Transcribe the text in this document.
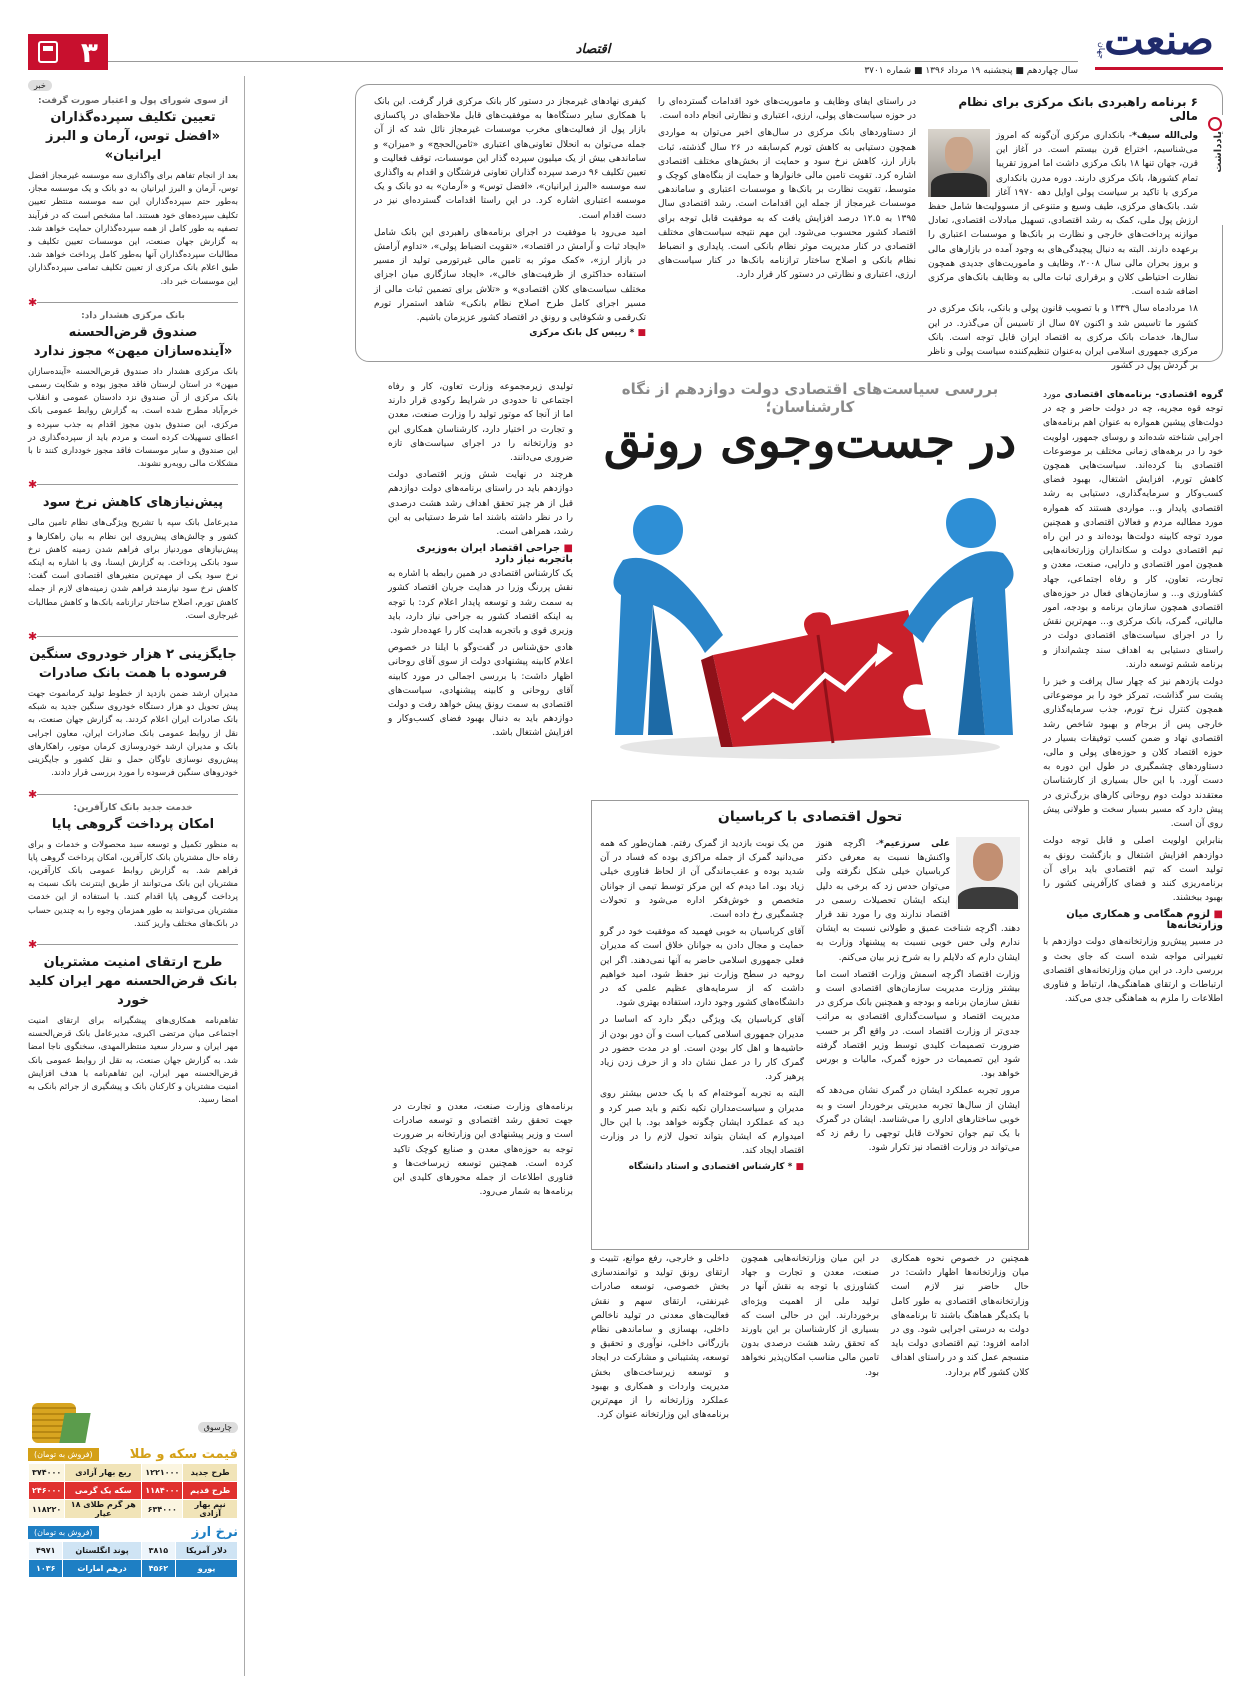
صنعت
جهان
اقتصاد
سال چهاردهم ■ پنجشنبه ۱۹ مرداد ۱۳۹۶ ■ شماره ۳۷۰۱
۳
یادداشت
۶ برنامه راهبردی بانک مرکزی برای نظام مالی
ولی‌الله سیف*- بانکداری مرکزی آن‌گونه که امروز می‌شناسیم، اختراع قرن بیستم است. در آغاز این قرن، جهان تنها ۱۸ بانک مرکزی داشت اما امروز تقریبا تمام کشورها، بانک مرکزی دارند. دوره مدرن بانکداری مرکزی با تاکید بر سیاست پولی اوایل دهه ۱۹۷۰ آغاز شد. بانک‌های مرکزی، طیف وسیع و متنوعی از مسوولیت‌ها شامل حفظ ارزش پول ملی، کمک به رشد اقتصادی، تسهیل مبادلات اقتصادی، تعادل موازنه پرداخت‌های خارجی و نظارت بر بانک‌ها و موسسات اعتباری را برعهده دارند. البته به دنبال پیچیدگی‌های به وجود آمده در بازارهای مالی و بروز بحران مالی سال ۲۰۰۸، وظایف و ماموریت‌های جدیدی همچون نظارت احتیاطی کلان و برقراری ثبات مالی به وظایف بانک‌های مرکزی اضافه شده است.
۱۸ مردادماه سال ۱۳۳۹ و با تصویب قانون پولی و بانکی، بانک مرکزی در کشور ما تاسیس شد و اکنون ۵۷ سال از تاسیس آن می‌گذرد. در این سال‌ها، خدمات بانک مرکزی به اقتصاد ایران قابل توجه است. بانک مرکزی جمهوری اسلامی ایران به‌عنوان تنظیم‌کننده سیاست پولی و ناظر بر گردش پول در کشور
در راستای ایفای وظایف و ماموریت‌های خود اقدامات گسترده‌ای را در حوزه سیاست‌های پولی، ارزی، اعتباری و نظارتی انجام داده است.
از دستاوردهای بانک مرکزی در سال‌های اخیر می‌توان به مواردی همچون دستیابی به کاهش تورم کم‌سابقه در ۲۶ سال گذشته، ثبات بازار ارز، کاهش نرخ سود و حمایت از بخش‌های مختلف اقتصادی اشاره کرد. تقویت تامین مالی خانوارها و حمایت از بنگاه‌های کوچک و متوسط، تقویت نظارت بر بانک‌ها و موسسات اعتباری و ساماندهی موسسات غیرمجاز از جمله این اقدامات است. رشد اقتصادی سال ۱۳۹۵ به ۱۲.۵ درصد افزایش یافت که به موفقیت قابل توجه برای اقتصاد کشور محسوب می‌شود. این مهم نتیجه سیاست‌های مختلف اقتصادی در کنار مدیریت موثر نظام بانکی است. پایداری و انضباط نظام بانکی و اصلاح ساختار ترازنامه بانک‌ها در کنار سیاست‌های ارزی، اعتباری و نظارتی در دستور کار قرار دارد.
کیفری نهادهای غیرمجاز در دستور کار بانک مرکزی قرار گرفت. این بانک با همکاری سایر دستگاه‌ها به موفقیت‌های قابل ملاحظه‌ای در پاکسازی بازار پول از فعالیت‌های مخرب موسسات غیرمجاز نائل شد که از آن جمله می‌توان به انحلال تعاونی‌های اعتباری «ثامن‌الحجج» و «میزان» و ساماندهی بیش از یک میلیون سپرده گذار این موسسات، توقف فعالیت و تعیین تکلیف ۹۶ درصد سپرده گذاران تعاونی فرشتگان و اقدام به واگذاری سه موسسه «البرز ایرانیان»، «افضل توس» و «آرمان» به دو بانک و یک موسسه اعتباری اشاره کرد. در این راستا اقدامات گسترده‌ای نیز در دست اقدام است.
امید می‌رود با موفقیت در اجرای برنامه‌های راهبردی این بانک شامل «ایجاد ثبات و آرامش در اقتصاد»، «تقویت انضباط پولی»، «تداوم آرامش در بازار ارز»، «کمک موثر به تامین مالی غیرتورمی تولید از مسیر استفاده حداکثری از ظرفیت‌های خالی»، «ایجاد سازگاری میان اجزای مختلف سیاست‌های کلان اقتصادی» و «تلاش برای تضمین ثبات مالی از مسیر اجرای کامل طرح اصلاح نظام بانکی» شاهد استمرار تورم تک‌رقمی و شکوفایی و رونق در اقتصاد کشور عزیزمان باشیم.
■ * رییس کل بانک مرکزی
گروه اقتصادی- برنامه‌های اقتصادی مورد توجه قوه مجریه، چه در دولت حاضر و چه در دولت‌های پیشین همواره به عنوان اهم برنامه‌های اجرایی شناخته شده‌اند و روسای جمهور، اولویت خود را در برهه‌های زمانی مختلف بر موضوعات اقتصادی بنا کرده‌اند. سیاست‌هایی همچون کاهش تورم، افزایش اشتغال، بهبود فضای کسب‌وکار و سرمایه‌گذاری، دستیابی به رشد اقتصادی پایدار و... مواردی هستند که همواره مورد مطالبه مردم و فعالان اقتصادی و همچنین مورد توجه کابینه دولت‌ها بوده‌اند و در این راه تیم اقتصادی دولت و سکانداران وزارتخانه‌هایی همچون امور اقتصادی و دارایی، صنعت، معدن و تجارت، تعاون، کار و رفاه اجتماعی، جهاد کشاورزی و... و سازمان‌های فعال در حوزه‌های اقتصادی همچون سازمان برنامه و بودجه، امور مالیاتی، گمرک، بانک مرکزی و... مهم‌ترین نقش را در اجرای سیاست‌های اقتصادی دولت در راستای دستیابی به اهداف سند چشم‌انداز و برنامه ششم توسعه دارند.
دولت یازدهم نیز که چهار سال پرافت و خیز را پشت سر گذاشت، تمرکز خود را بر موضوعاتی همچون کنترل نرخ تورم، جذب سرمایه‌گذاری خارجی پس از برجام و بهبود شاخص رشد اقتصادی نهاد و ضمن کسب توفیقات بسیار در حوزه اقتصاد کلان و حوزه‌های پولی و مالی، دستاوردهای چشمگیری در طول این دوره به دست آورد. با این حال بسیاری از کارشناسان معتقدند دولت دوم روحانی کارهای بزرگ‌تری در پیش دارد که مسیر بسیار سخت و طولانی پیش روی آن است.
بنابراین اولویت اصلی و قابل توجه دولت دوازدهم افزایش اشتغال و بازگشت رونق به تولید است که تیم اقتصادی باید برای آن برنامه‌ریزی کنند و فضای کارآفرینی کشور را بهبود ببخشند.
■ لزوم همگامی و همکاری میان وزارتخانه‌ها
در مسیر پیش‌رو وزارتخانه‌های دولت دوازدهم با تغییراتی مواجه شده است که جای بحث و بررسی دارد. در این میان وزارتخانه‌های اقتصادی ارتباطات و ارتقای هماهنگی‌ها، ارتباط و فناوری اطلاعات را ملزم به هماهنگی جدی می‌کند.
بررسی سیاست‌های اقتصادی دولت دوازدهم از نگاه کارشناسان؛
در جست‌وجوی رونق
تولیدی زیرمجموعه وزارت تعاون، کار و رفاه اجتماعی تا حدودی در شرایط رکودی قرار دارند اما از آنجا که موتور تولید را وزارت صنعت، معدن و تجارت در اختیار دارد، کارشناسان همکاری این دو وزارتخانه را در اجرای سیاست‌های تازه ضروری می‌دانند.
هرچند در نهایت شش وزیر اقتصادی دولت دوازدهم باید در راستای برنامه‌های دولت دوازدهم قبل از هر چیز تحقق اهداف رشد هشت درصدی را در نظر داشته باشند اما شرط دستیابی به این رشد، همراهی است.
■ جراحی اقتصاد ایران به‌وزیری باتجربه نیاز دارد
یک کارشناس اقتصادی در همین رابطه با اشاره به نقش پررنگ وزرا در هدایت جریان اقتصاد کشور به سمت رشد و توسعه پایدار اعلام کرد: با توجه به اینکه اقتصاد کشور به جراحی نیاز دارد، باید وزیری قوی و باتجربه هدایت کار را عهده‌دار شود.
هادی حق‌شناس در گفت‌وگو با ایلنا در خصوص اعلام کابینه پیشنهادی دولت از سوی آقای روحانی اظهار داشت: با بررسی اجمالی در مورد کابینه آقای روحانی و کابینه پیشنهادی، سیاست‌های اقتصادی به سمت رونق پیش خواهد رفت و دولت دوازدهم باید به دنبال بهبود فضای کسب‌وکار و افزایش اشتغال باشد.
تحول اقتصادی با کرباسیان
علی سرزعیم*- اگرچه هنوز واکنش‌ها نسبت به معرفی دکتر کرباسیان خیلی شکل نگرفته ولی می‌توان حدس زد که برخی به دلیل اینکه ایشان تحصیلات رسمی در اقتصاد ندارند وی را مورد نقد قرار دهند. اگرچه شناخت عمیق و طولانی نسبت به ایشان ندارم ولی حس خوبی نسبت به پیشنهاد وزارت به ایشان دارم که دلایلم را به شرح زیر بیان می‌کنم.
وزارت اقتصاد اگرچه اسمش وزارت اقتصاد است اما بیشتر وزارت مدیریت سازمان‌های اقتصادی است و نقش سازمان برنامه و بودجه و همچنین بانک مرکزی در مدیریت اقتصاد و سیاست‌گذاری اقتصادی به مراتب جدی‌تر از وزارت اقتصاد است. در واقع اگر بر حسب ضرورت تصمیمات کلیدی توسط وزیر اقتصاد گرفته شود این تصمیمات در حوزه گمرک، مالیات و بورس خواهد بود.
مرور تجربه عملکرد ایشان در گمرک نشان می‌دهد که ایشان از سال‌ها تجربه مدیریتی برخوردار است و به خوبی ساختارهای اداری را می‌شناسد. ایشان در گمرک با یک تیم جوان تحولات قابل توجهی را رقم زد که می‌تواند در وزارت اقتصاد نیز تکرار شود.
من یک نوبت بازدید از گمرک رفتم. همان‌طور که همه می‌دانید گمرک از جمله مراکزی بوده که فساد در آن شدید بوده و عقب‌ماندگی آن از لحاظ فناوری خیلی زیاد بود. اما دیدم که این مرکز توسط تیمی از جوانان متخصص و خوش‌فکر اداره می‌شود و تحولات چشمگیری رخ داده است.
آقای کرباسیان به خوبی فهمید که موفقیت خود در گرو حمایت و مجال دادن به جوانان خلاق است که مدیران فعلی جمهوری اسلامی حاضر به آنها نمی‌دهند. اگر این روحیه در سطح وزارت نیز حفظ شود، امید خواهیم داشت که از سرمایه‌های عظیم علمی که در دانشگاه‌های کشور وجود دارد، استفاده بهتری شود.
آقای کرباسیان یک ویژگی دیگر دارد که اساسا در مدیران جمهوری اسلامی کمیاب است و آن دور بودن از حاشیه‌ها و اهل کار بودن است. او در مدت حضور در گمرک کار را در عمل نشان داد و از حرف زدن زیاد پرهیز کرد.
البته به تجربه آموخته‌ام که با یک حدس بیشتر روی مدیران و سیاست‌مداران تکیه نکنم و باید صبر کرد و دید که عملکرد ایشان چگونه خواهد بود. با این حال امیدوارم که ایشان بتواند تحول لازم را در وزارت اقتصاد ایجاد کند.
■ * کارشناس اقتصادی و استاد دانشگاه
همچنین در خصوص نحوه همکاری میان وزارتخانه‌ها اظهار داشت: در حال حاضر نیز لازم است وزارتخانه‌های اقتصادی به طور کامل با یکدیگر هماهنگ باشند تا برنامه‌های دولت به درستی اجرایی شود. وی در ادامه افزود: تیم اقتصادی دولت باید منسجم عمل کند و در راستای اهداف کلان کشور گام بردارد.
در این میان وزارتخانه‌هایی همچون صنعت، معدن و تجارت و جهاد کشاورزی با توجه به نقش آنها در تولید ملی از اهمیت ویژه‌ای برخوردارند. این در حالی است که بسیاری از کارشناسان بر این باورند که تحقق رشد هشت درصدی بدون تامین مالی مناسب امکان‌پذیر نخواهد بود.
داخلی و خارجی، رفع موانع، تثبیت و ارتقای رونق تولید و توانمندسازی بخش خصوصی، توسعه صادرات غیرنفتی، ارتقای سهم و نقش فعالیت‌های معدنی در تولید ناخالص داخلی، بهسازی و ساماندهی نظام بازرگانی داخلی، نوآوری و تحقیق و توسعه، پشتیبانی و مشارکت در ایجاد و توسعه زیرساخت‌های بخش مدیریت واردات و همکاری و بهبود عملکرد وزارتخانه را از مهم‌ترین برنامه‌های این وزارتخانه عنوان کرد.
برنامه‌های وزارت صنعت، معدن و تجارت در جهت تحقق رشد اقتصادی و توسعه صادرات است و وزیر پیشنهادی این وزارتخانه بر ضرورت توجه به حوزه‌های معدن و صنایع کوچک تاکید کرده است. همچنین توسعه زیرساخت‌ها و فناوری اطلاعات از جمله محورهای کلیدی این برنامه‌ها به شمار می‌رود.
خبر
از سوی شورای پول و اعتبار صورت گرفت:
تعیین تکلیف سپرده‌گذاران «افضل توس، آرمان و البرز ایرانیان»
بعد از انجام تفاهم برای واگذاری سه موسسه غیرمجاز افضل توس، آرمان و البرز ایرانیان به دو بانک و یک موسسه مجاز، به‌طور حتم سپرده‌گذاران این سه موسسه منتظر تعیین تکلیف سپرده‌های خود هستند. اما مشخص است که در فرآیند تصفیه به طور کامل از همه سپرده‌گذاران حمایت خواهد شد. به گزارش جهان صنعت، این موسسات تعیین تکلیف و مطالبات سپرده‌گذاران آنها به‌طور کامل پرداخت خواهد شد. طبق اعلام بانک مرکزی از تعیین تکلیف تمامی سپرده‌گذاران این موسسات خبر داد.
✱
بانک مرکزی هشدار داد:
صندوق قرض‌الحسنه «آینده‌سازان میهن» مجوز ندارد
بانک مرکزی هشدار داد صندوق قرض‌الحسنه «آینده‌سازان میهن» در استان لرستان فاقد مجوز بوده و شکایت رسمی بانک مرکزی از آن صندوق نزد دادستان عمومی و انقلاب خرم‌آباد مطرح شده است. به گزارش روابط عمومی بانک مرکزی، این صندوق بدون مجوز اقدام به جذب سپرده و اعطای تسهیلات کرده است و مردم باید از سپرده‌گذاری در این صندوق و سایر موسسات فاقد مجوز خودداری کنند تا با مشکلات مالی روبه‌رو نشوند.
✱
پیش‌نیازهای کاهش نرخ سود
مدیرعامل بانک سپه با تشریح ویژگی‌های نظام تامین مالی کشور و چالش‌های پیش‌روی این نظام به بیان راهکارها و پیش‌نیازهای موردنیاز برای فراهم شدن زمینه کاهش نرخ سود بانکی پرداخت. به گزارش ایسنا، وی با اشاره به اینکه نرخ سود یکی از مهم‌ترین متغیرهای اقتصادی است گفت: کاهش نرخ سود نیازمند فراهم شدن زمینه‌های لازم از جمله کاهش تورم، اصلاح ساختار ترازنامه بانک‌ها و کاهش مطالبات غیرجاری است.
✱
جایگزینی ۲ هزار خودروی سنگین فرسوده با همت بانک صادرات
مدیران ارشد ضمن بازدید از خطوط تولید کرمانموت جهت پیش تحویل دو هزار دستگاه خودروی سنگین جدید به شبکه بانک صادرات ایران اعلام کردند. به گزارش جهان صنعت، به نقل از روابط عمومی بانک صادرات ایران، معاون اجرایی بانک و مدیران ارشد خودروسازی کرمان موتور، راهکارهای پیش‌روی نوسازی ناوگان حمل و نقل کشور و جایگزینی خودروهای سنگین فرسوده را مورد بررسی قرار دادند.
✱
خدمت جدید بانک کارآفرین:
امکان پرداخت گروهی پایا
به منظور تکمیل و توسعه سبد محصولات و خدمات و برای رفاه حال مشتریان بانک کارآفرین، امکان پرداخت گروهی پایا فراهم شد. به گزارش روابط عمومی بانک کارآفرین، مشتریان این بانک می‌توانند از طریق اینترنت بانک نسبت به پرداخت گروهی پایا اقدام کنند. با استفاده از این خدمت مشتریان می‌توانند به طور همزمان وجوه را به چندین حساب در بانک‌های مختلف واریز کنند.
✱
طرح ارتقای امنیت مشتریان بانک قرض‌الحسنه مهر ایران کلید خورد
تفاهم‌نامه همکاری‌های پیشگیرانه برای ارتقای امنیت اجتماعی میان مرتضی اکبری، مدیرعامل بانک قرض‌الحسنه مهر ایران و سردار سعید منتظرالمهدی، سخنگوی ناجا امضا شد. به گزارش جهان صنعت، به نقل از روابط عمومی بانک قرض‌الحسنه مهر ایران، این تفاهم‌نامه با هدف افزایش امنیت مشتریان و کارکنان بانک و پیشگیری از جرائم بانکی به امضا رسید.
چارسوق
قیمت سکه و طلا
(فروش به تومان)
طرح جدید	۱۲۲۱۰۰۰	ربع بهار آزادی	۳۷۴۰۰۰
طرح قدیم	۱۱۸۴۰۰۰	سکه یک گرمی	۲۴۶۰۰۰
نیم بهار آزادی	۶۳۴۰۰۰	هر گرم طلای ۱۸ عیار	۱۱۸۲۲۰
نرخ ارز
(فروش به تومان)
دلار آمریکا	۳۸۱۵	پوند انگلستان	۴۹۷۱
یورو	۴۵۶۲	درهم امارات	۱۰۳۶
